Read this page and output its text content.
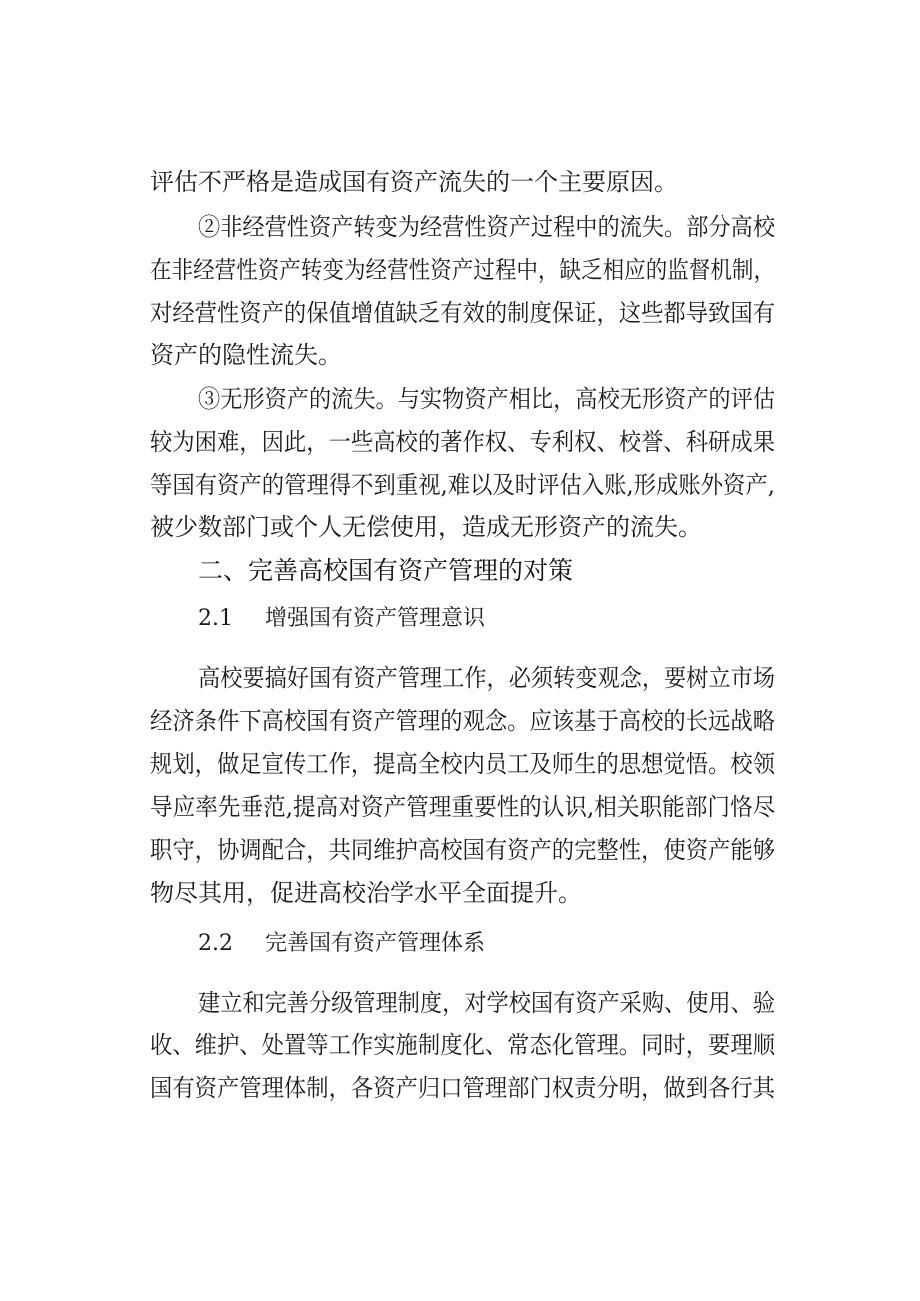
评估不严格是造成国有资产流失的一个主要原因。
②非经营性资产转变为经营性资产过程中的流失。部分高校
在非经营性资产转变为经营性资产过程中，缺乏相应的监督机制，
对经营性资产的保值增值缺乏有效的制度保证，这些都导致国有
资产的隐性流失。
③无形资产的流失。与实物资产相比，高校无形资产的评估
较为困难，因此，一些高校的著作权、专利权、校誉、科研成果
等国有资产的管理得不到重视,难以及时评估入账,形成账外资产,
被少数部门或个人无偿使用，造成无形资产的流失。
二、完善高校国有资产管理的对策
2.1 增强国有资产管理意识
高校要搞好国有资产管理工作，必须转变观念，要树立市场
经济条件下高校国有资产管理的观念。应该基于高校的长远战略
规划，做足宣传工作，提高全校内员工及师生的思想觉悟。校领
导应率先垂范,提高对资产管理重要性的认识,相关职能部门恪尽
职守，协调配合，共同维护高校国有资产的完整性，使资产能够
物尽其用，促进高校治学水平全面提升。
2.2 完善国有资产管理体系
建立和完善分级管理制度，对学校国有资产采购、使用、验
收、维护、处置等工作实施制度化、常态化管理。同时，要理顺
国有资产管理体制，各资产归口管理部门权责分明，做到各行其
